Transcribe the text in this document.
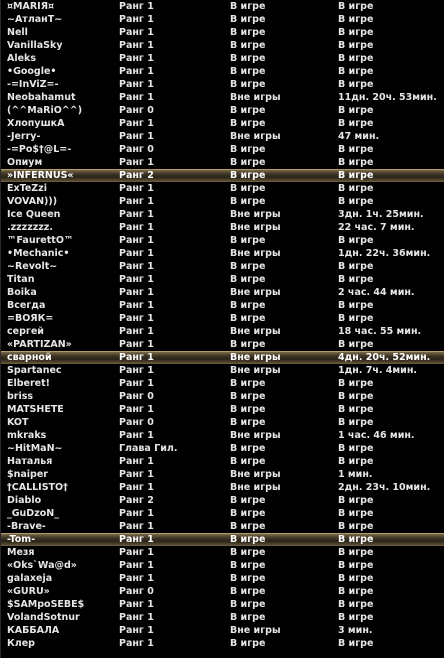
¤MARIЯ¤	Ранг 1	В игре	В игре
~АтланТ~	Ранг 1	В игре	В игре
Nell	Ранг 1	В игре	В игре
VanillaSky	Ранг 1	В игре	В игре
Aleks	Ранг 1	В игре	В игре
•Google•	Ранг 1	В игре	В игре
-=InViZ=-	Ранг 1	В игре	В игре
Neobahamut	Ранг 1	Вне игры	11дн. 20ч. 53мин.
(^^MaRiO^^)	Ранг 0	В игре	В игре
ХлопушкА	Ранг 1	В игре	В игре
-Jerry-	Ранг 1	Вне игры	47 мин.
-=Po$†@L=-	Ранг 0	В игре	В игре
Опиум	Ранг 1	В игре	В игре
»INFERNUS«	Ранг 2	В игре	В игре
ExTeZzi	Ранг 1	В игре	В игре
VOVAN)))	Ранг 1	В игре	В игре
Ice Queen	Ранг 1	Вне игры	3дн. 1ч. 25мин.
.zzzzzzz.	Ранг 1	Вне игры	22 час. 7 мин.
™FaurettO™	Ранг 1	В игре	В игре
•Mechanic•	Ранг 1	Вне игры	1дн. 22ч. 36мин.
~Revolt~	Ранг 1	В игре	В игре
Titan	Ранг 1	В игре	В игре
Boika	Ранг 1	Вне игры	2 час. 44 мин.
Всегда	Ранг 1	В игре	В игре
=ВОЯК=	Ранг 1	В игре	В игре
сергей	Ранг 1	Вне игры	18 час. 55 мин.
«PARTIZAN»	Ранг 1	В игре	В игре
сварной	Ранг 1	Вне игры	4дн. 20ч. 52мин.
Spartanec	Ранг 1	Вне игры	1дн. 7ч. 4мин.
Elberet!	Ранг 1	В игре	В игре
briss	Ранг 0	В игре	В игре
MATSHETE	Ранг 1	В игре	В игре
KOT	Ранг 0	В игре	В игре
mkraks	Ранг 1	Вне игры	1 час. 46 мин.
~HitMaN~	Глава Гил.	В игре	В игре
Наталья	Ранг 1	В игре	В игре
$naiper	Ранг 1	Вне игры	1 мин.
†CALLISTO†	Ранг 1	Вне игры	2дн. 23ч. 10мин.
Diablo	Ранг 2	В игре	В игре
_GuDzoN_	Ранг 1	В игре	В игре
-Brave-	Ранг 1	В игре	В игре
-Tom-	Ранг 1	В игре	В игре
Мезя	Ранг 1	В игре	В игре
«Oks`Wa@d»	Ранг 1	В игре	В игре
galaxeja	Ранг 1	В игре	В игре
«GURU»	Ранг 0	В игре	В игре
$SAMpoSEBE$	Ранг 1	В игре	В игре
VolandSotnur	Ранг 1	В игре	В игре
КАББАЛА	Ранг 1	Вне игры	3 мин.
Клер	Ранг 1	В игре	В игре
